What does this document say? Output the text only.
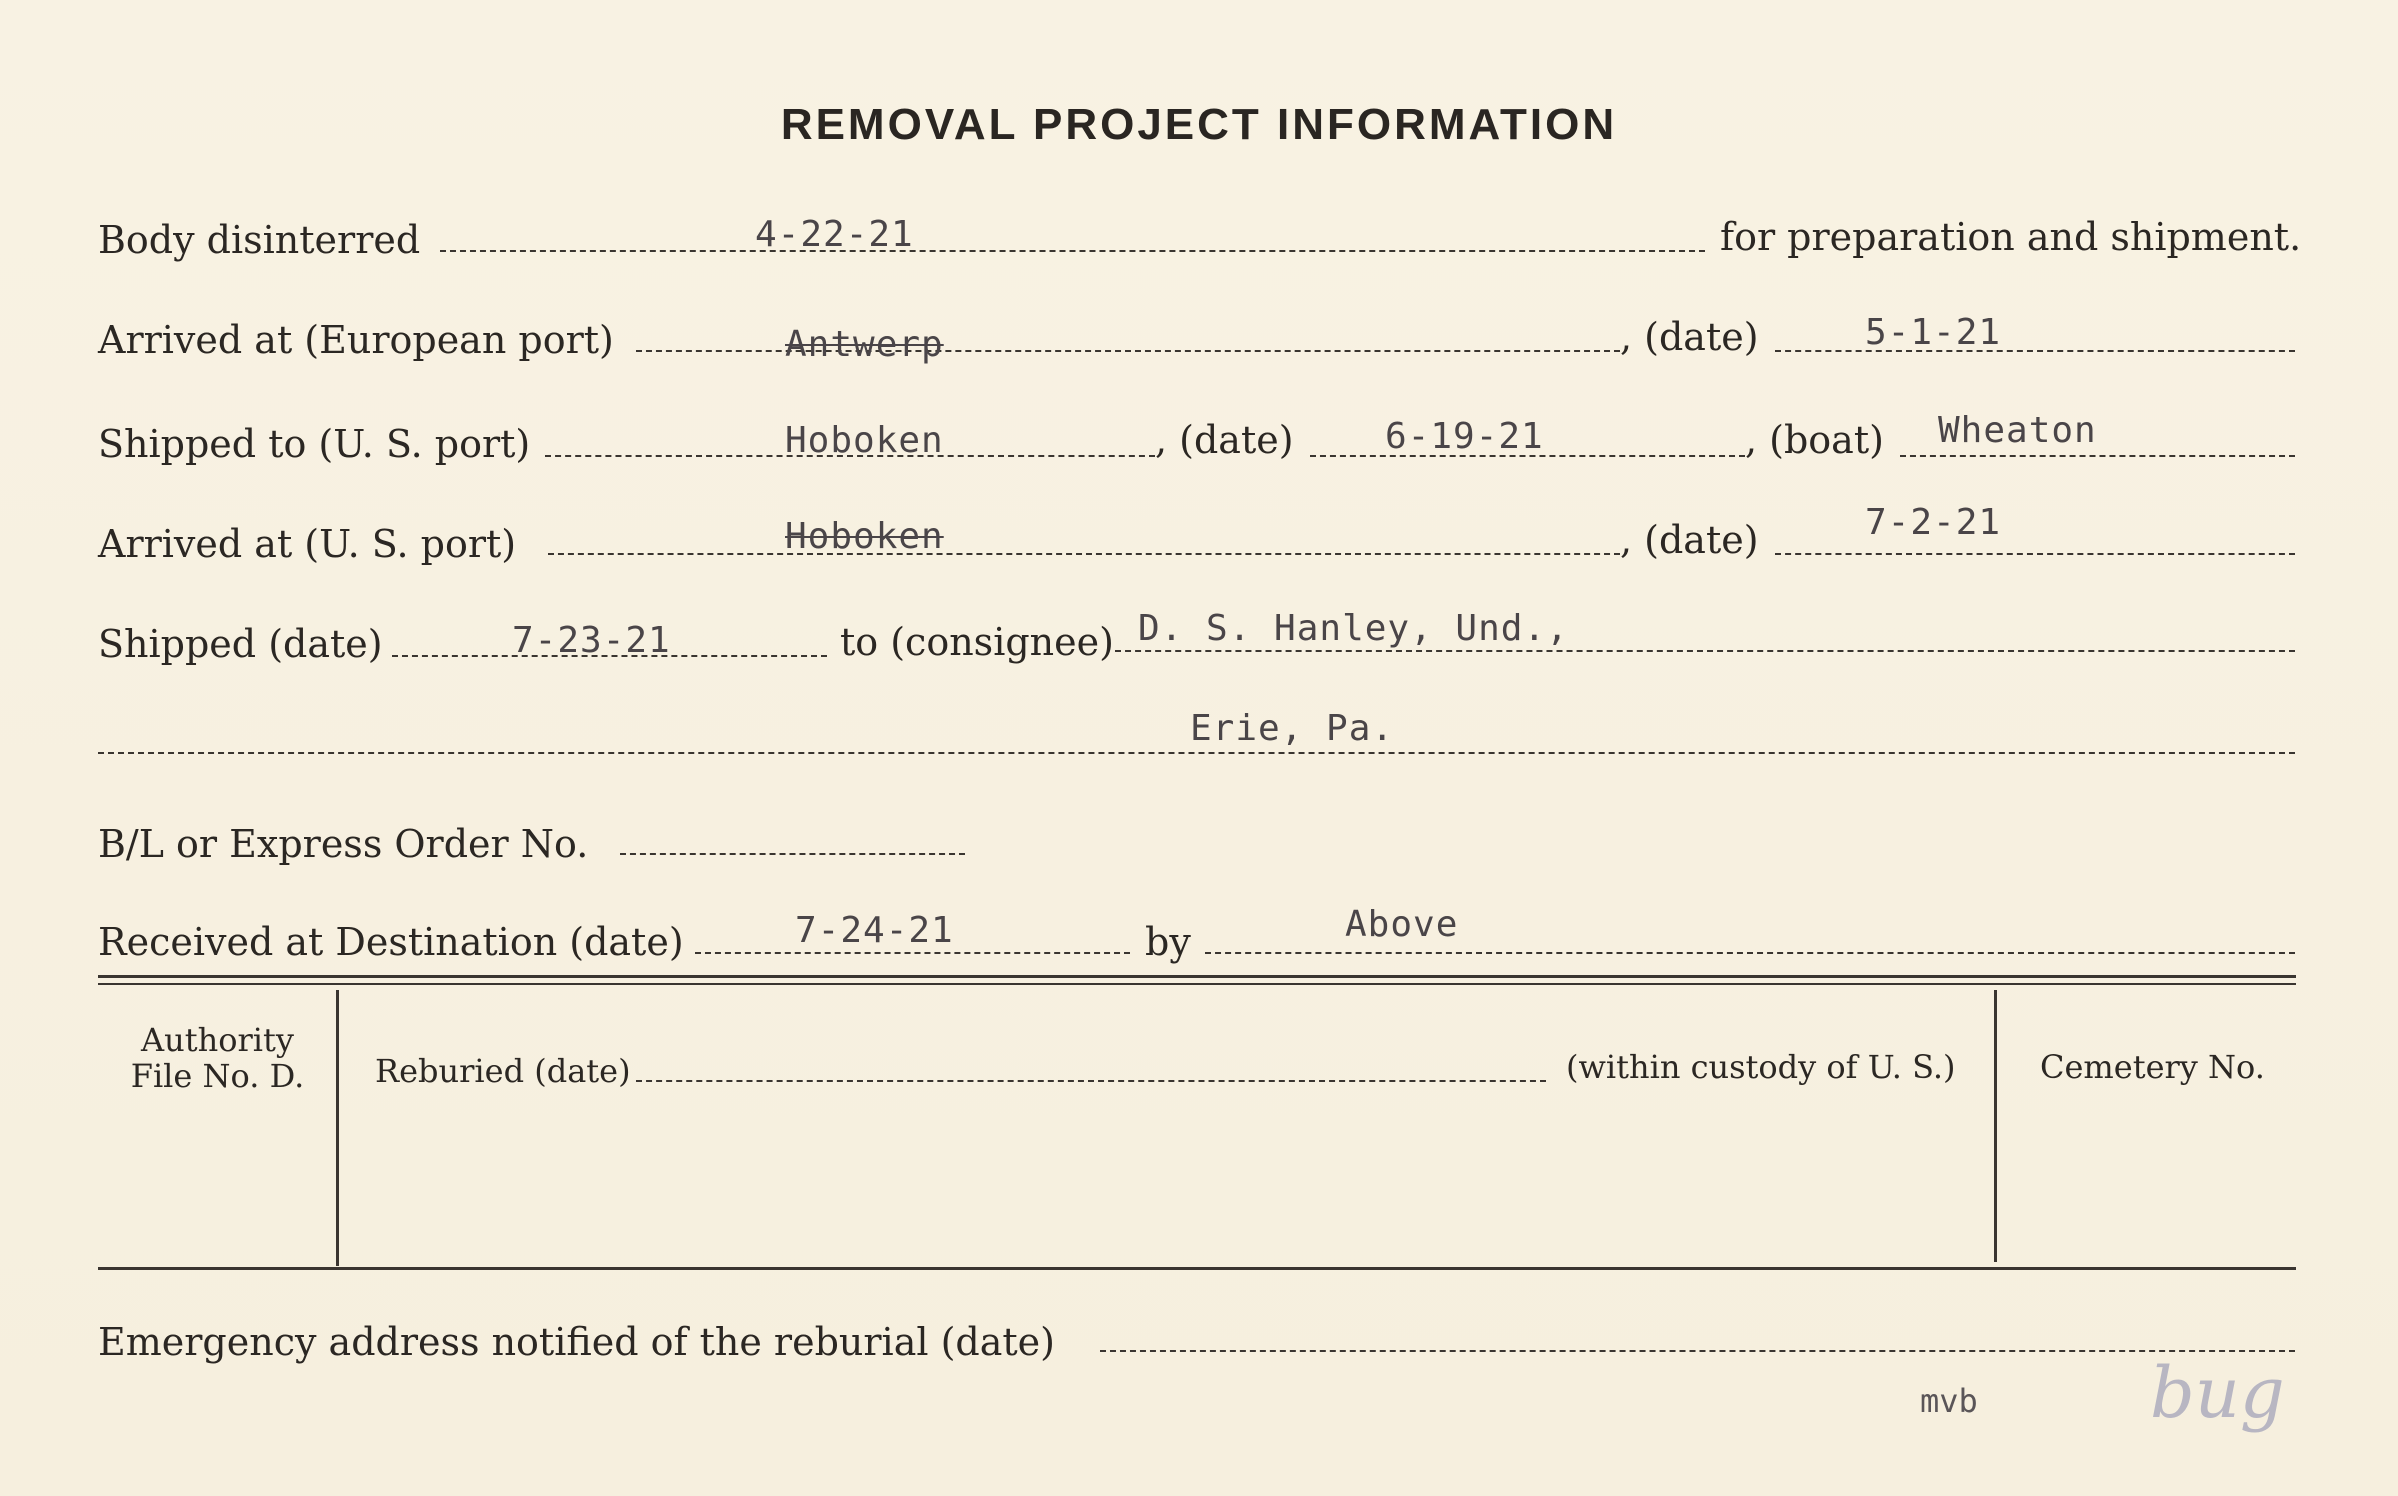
REMOVAL PROJECT INFORMATION
Body disinterred	4-22-21	for preparation and shipment.
Arrived at (European port)	Antwerp	, (date)	5-1-21
Shipped to (U. S. port)	Hoboken	, (date)	6-19-21	, (boat) Wheaton
Arrived at (U. S. port)	Hoboken	, (date)	7-2-21
Shipped (date)	7-23-21	to (consignee) D. S. Hanley, Und.,
Erie, Pa.
B/L or Express Order No.
Received at Destination (date)	7-24-21	by	Above
Authority
File No. D.	Reburied (date)	(within custody of U. S.)	Cemetery No.
Emergency address notified of the reburial (date)
mvb bug
